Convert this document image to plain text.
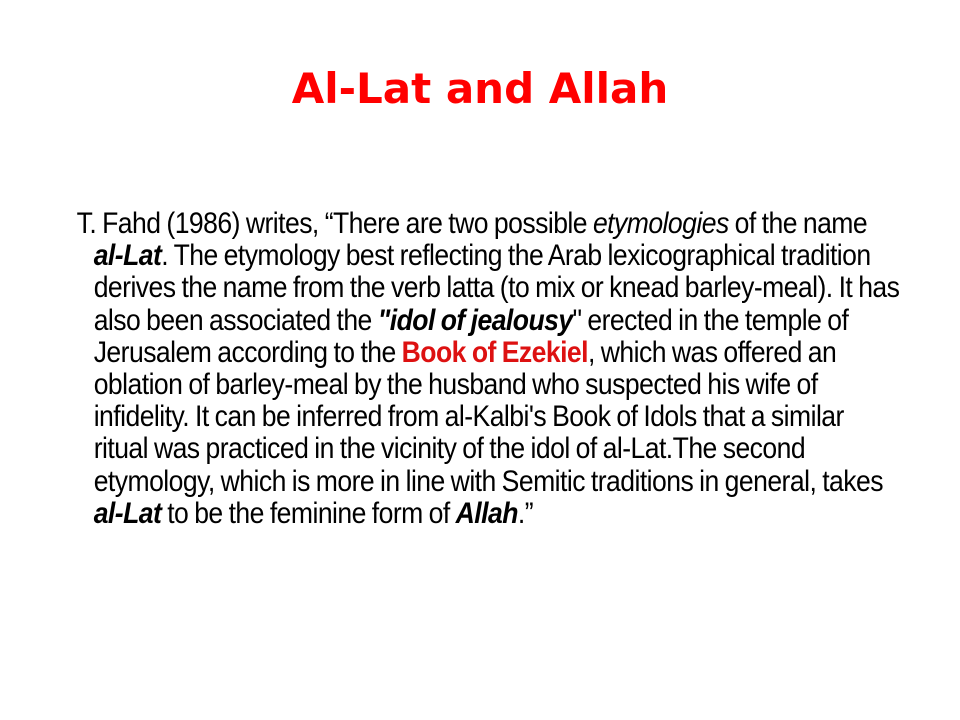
Al-Lat and Allah

T. Fahd (1986) writes, “There are two possible etymologies of the name al-Lat. The etymology best reflecting the Arab lexicographical tradition derives the name from the verb latta (to mix or knead barley-meal). It has also been associated the "idol of jealousy" erected in the temple of Jerusalem according to the Book of Ezekiel, which was offered an oblation of barley-meal by the husband who suspected his wife of infidelity. It can be inferred from al-Kalbi's Book of Idols that a similar ritual was practiced in the vicinity of the idol of al-Lat.The second etymology, which is more in line with Semitic traditions in general, takes al-Lat to be the feminine form of Allah.”
